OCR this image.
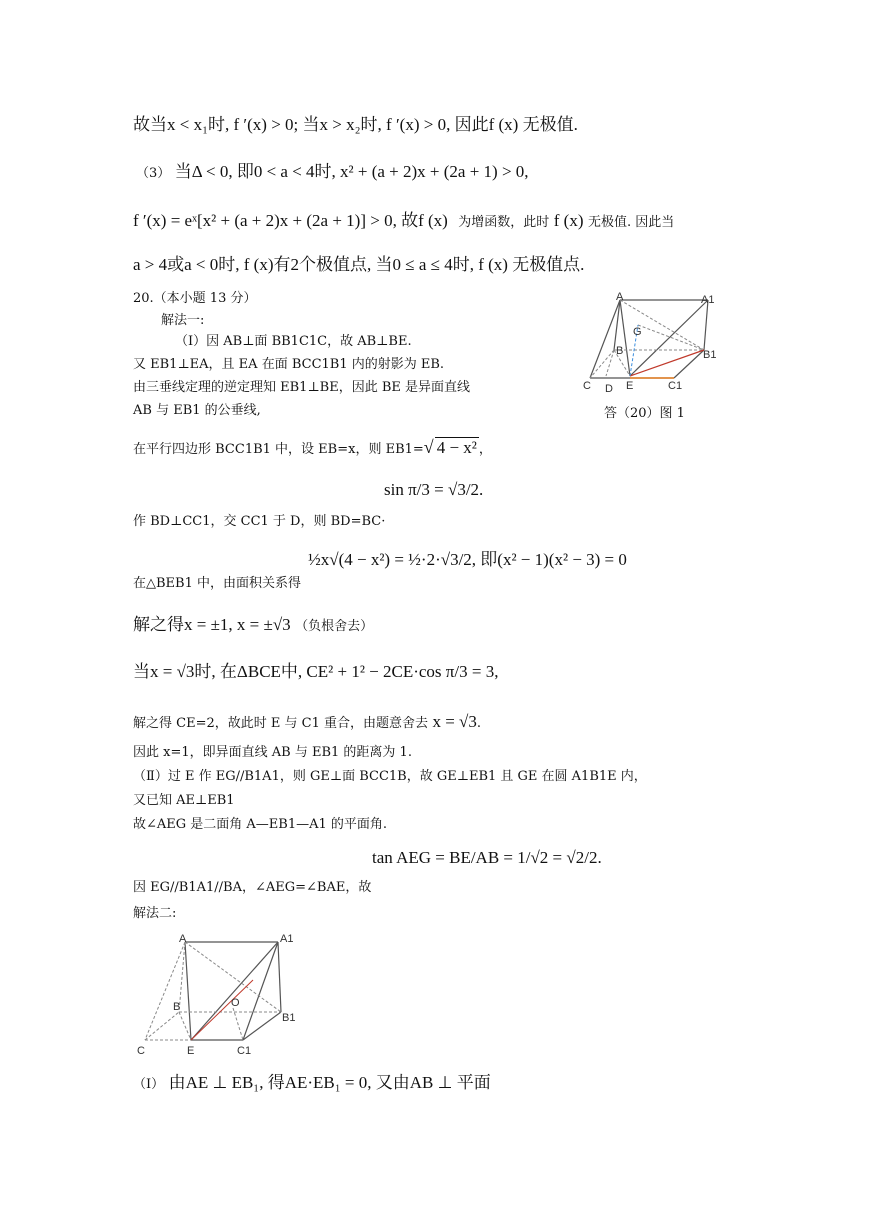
故当x < x₁时, f ′(x) > 0; 当x > x₂时, f ′(x) > 0, 因此f (x) 无极值.
（3） 当Δ < 0, 即0 < a < 4时, x² + (a + 2)x + (2a + 1) > 0,
f ′(x) = eˣ[x² + (a + 2)x + (2a + 1)] > 0, 故f (x) 为增函数，此时 f (x) 无极值. 因此当
a > 4或a < 0时, f (x)有2个极值点, 当0 ≤ a ≤ 4时, f (x) 无极值点.
20.（本小题 13 分）
解法一:
（Ⅰ）因 AB⊥面 BB1C1C，故 AB⊥BE.
又 EB1⊥EA，且 EA 在面 BCC1B1 内的射影为 EB.
由三垂线定理的逆定理知 EB1⊥BE，因此 BE 是异面直线
AB 与 EB1 的公垂线,
A	A1
G
B	B1
C D E	C1
答（20）图 1
在平行四边形 BCC1B1 中，设 EB=x，则 EB1=√ 4 − x² ，
作 BD⊥CC1，交 CC1 于 D，则 BD=BC·
sin π/3 = √3/2.
½x√(4 − x²) = ½·2·√3/2, 即(x² − 1)(x² − 3) = 0
在△BEB1 中，由面积关系得
解之得x = ±1, x = ±√3 （负根舍去）
当x = √3时, 在ΔBCE中, CE² + 1² − 2CE·cos π/3 = 3,
解之得 CE=2，故此时 E 与 C1 重合，由题意舍去 x = √3.
因此 x=1，即异面直线 AB 与 EB1 的距离为 1.
（Ⅱ）过 E 作 EG//B1A1，则 GE⊥面 BCC1B，故 GE⊥EB1 且 GE 在圆 A1B1E 内，
又已知 AE⊥EB1
故∠AEG 是二面角 A—EB1—A1 的平面角.
tan AEG = BE/AB = 1/√2 = √2/2.
因 EG//B1A1//BA，∠AEG=∠BAE，故
解法二:
A	A1
B	O
B1
C	E	C1
（Ⅰ） 由AE ⊥ EB₁, 得AE·EB₁ = 0, 又由AB ⊥ 平面
